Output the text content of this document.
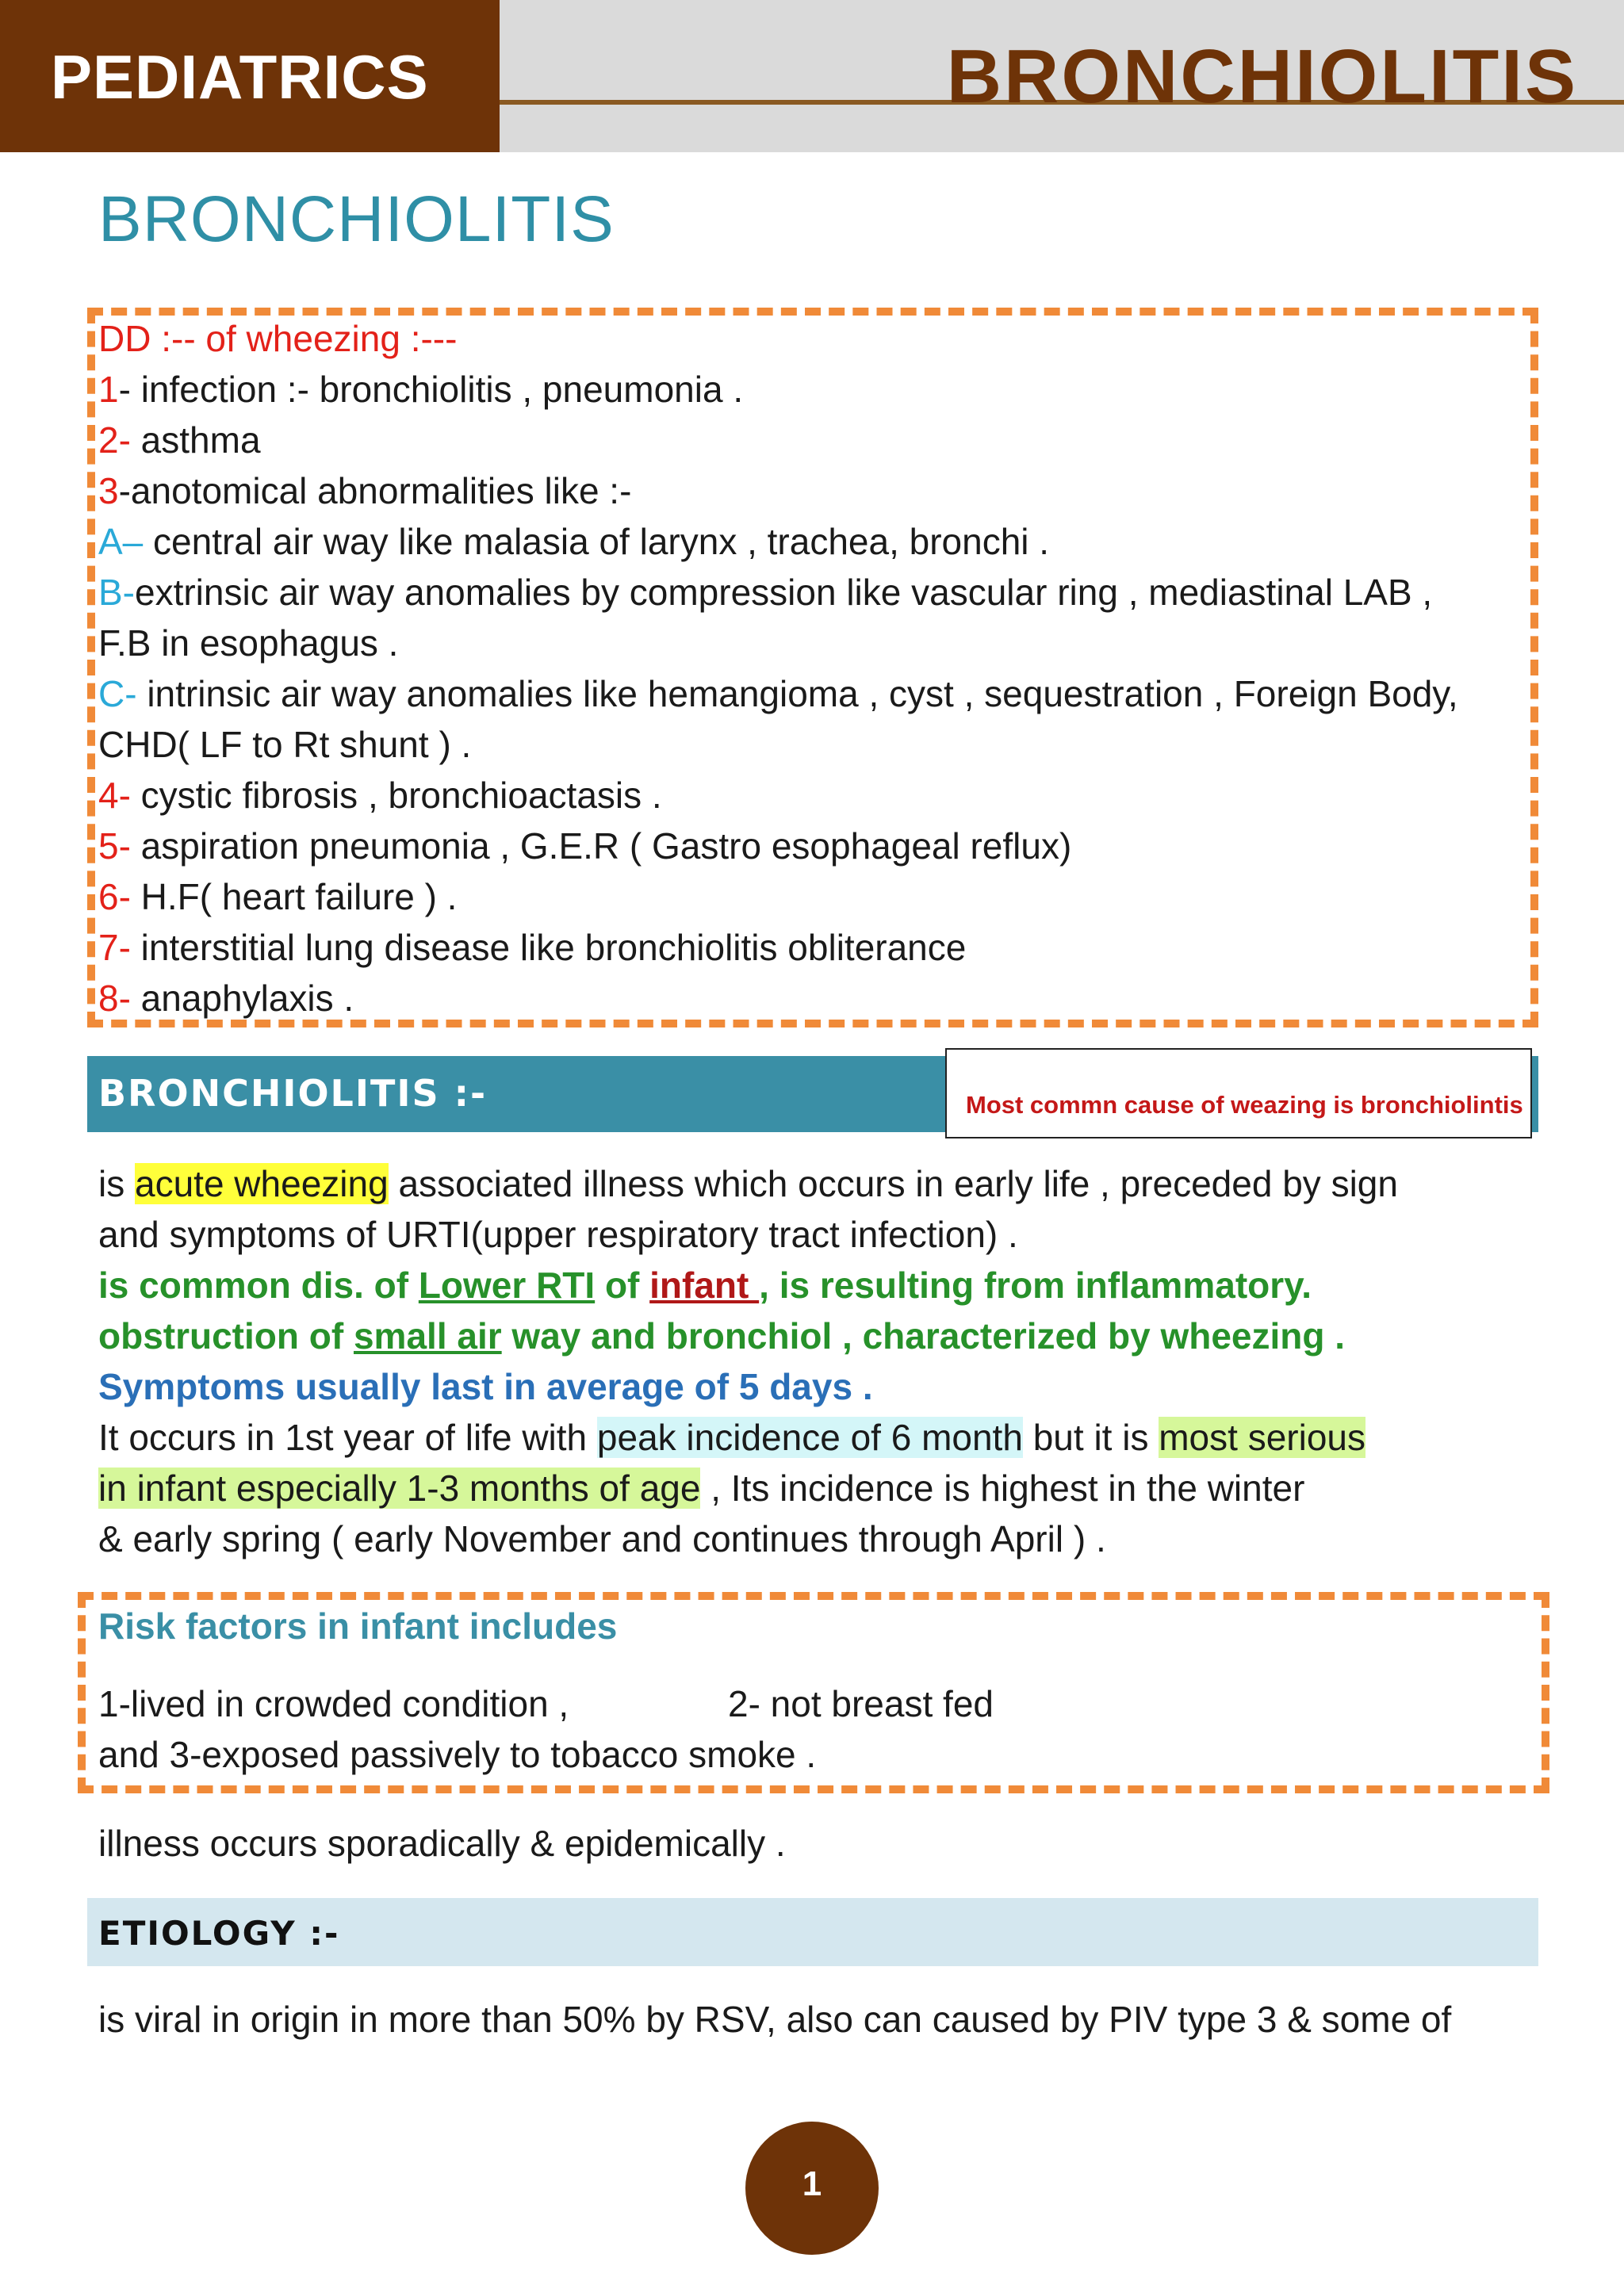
PEDIATRICS	BRONCHIOLITIS
BRONCHIOLITIS
DD :-- of wheezing :---
1- infection :- bronchiolitis , pneumonia .
2- asthma
3-anotomical abnormalities like :-
A– central air way like malasia of larynx , trachea, bronchi .
B-extrinsic air way anomalies by compression like vascular ring , mediastinal LAB ,
F.B in esophagus .
C- intrinsic air way anomalies like hemangioma , cyst , sequestration , Foreign Body,
CHD( LF to Rt shunt ) .
4- cystic fibrosis , bronchioactasis .
5- aspiration pneumonia , G.E.R ( Gastro esophageal reflux)
6- H.F( heart failure ) .
7- interstitial lung disease like bronchiolitis obliterance
8- anaphylaxis .
BRONCHIOLITIS :-	Most commn cause of weazing is bronchiolintis
is acute wheezing associated illness which occurs in early life , preceded by sign
and symptoms of URTI(upper respiratory tract infection) .
is common dis. of Lower RTI of infant , is resulting from inflammatory.
obstruction of small air way and bronchiol , characterized by wheezing .
Symptoms usually last in average of 5 days .
It occurs in 1st year of life with peak incidence of 6 month but it is most serious
in infant especially 1-3 months of age , Its incidence is highest in the winter
& early spring ( early November and continues through April ) .
Risk factors in infant includes
1-lived in crowded condition ,	2- not breast fed
and 3-exposed passively to tobacco smoke .
illness occurs sporadically & epidemically .
ETIOLOGY :-
is viral in origin in more than 50% by RSV, also can caused by PIV type 3 & some of
1
